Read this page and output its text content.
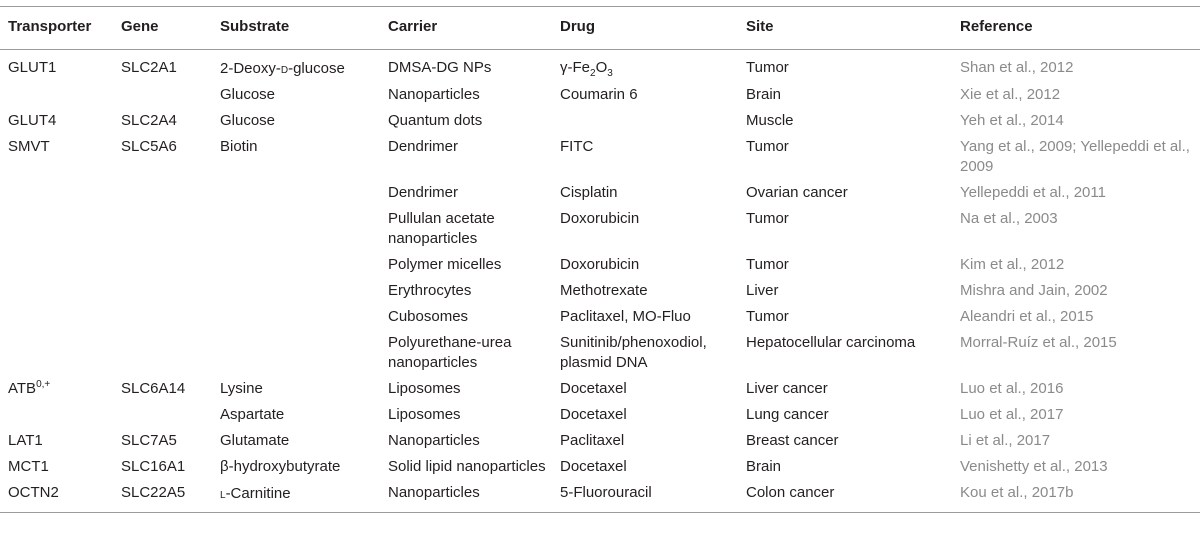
Transporter	Gene	Substrate	Carrier	Drug	Site	Reference
GLUT1	SLC2A1	2-Deoxy-d-glucose	DMSA-DG NPs	$\gamma-Fe_2O_3$	Tumor	Shan et al., 2012
		Glucose	Nanoparticles	Coumarin 6	Brain	Xie et al., 2012
GLUT4	SLC2A4	Glucose	Quantum dots		Muscle	Yeh et al., 2014
SMVT	SLC5A6	Biotin	Dendrimer	FITC	Tumor	Yang et al., 2009; Yellepeddi et al., 2009
			Dendrimer	Cisplatin	Ovarian cancer	Yellepeddi et al., 2011
			Pullulan acetate nanoparticles	Doxorubicin	Tumor	Na et al., 2003
			Polymer micelles	Doxorubicin	Tumor	Kim et al., 2012
			Erythrocytes	Methotrexate	Liver	Mishra and Jain, 2002
			Cubosomes	Paclitaxel, MO-Fluo	Tumor	Aleandri et al., 2015
			Polyurethane-urea nanoparticles	Sunitinib/phenoxodiol, plasmid DNA	Hepatocellular carcinoma	Morral-Ruíz et al., 2015
$ATB^{0,+}$	SLC6A14	Lysine	Liposomes	Docetaxel	Liver cancer	Luo et al., 2016
		Aspartate	Liposomes	Docetaxel	Lung cancer	Luo et al., 2017
LAT1	SLC7A5	Glutamate	Nanoparticles	Paclitaxel	Breast cancer	Li et al., 2017
MCT1	SLC16A1	β-hydroxybutyrate	Solid lipid nanoparticles	Docetaxel	Brain	Venishetty et al., 2013
OCTN2	SLC22A5	l-Carnitine	Nanoparticles	5-Fluorouracil	Colon cancer	Kou et al., 2017b
